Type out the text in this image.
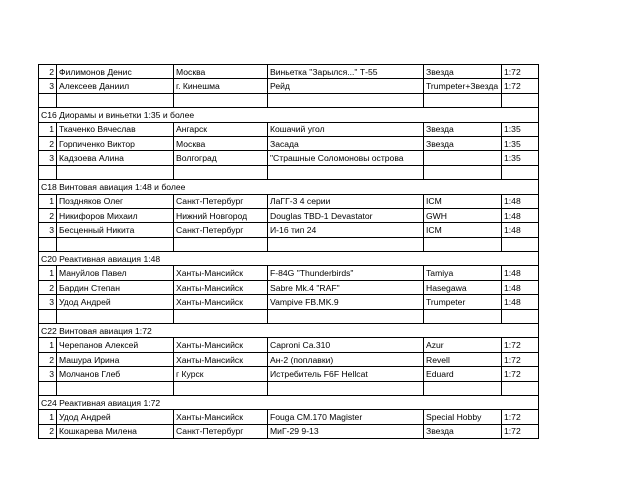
2	Филимонов Денис	Москва	Виньетка "Зарылся..." Т-55	Звезда	1:72
3	Алексеев Даниил	г. Кинешма	Рейд	Trumpeter+Звезда	1:72

С16 Диорамы и виньетки 1:35 и более					
1	Ткаченко Вячеслав	Ангарск	Кошачий угол	Звезда	1:35
2	Горпиченко Виктор	Москва	Засада	Звезда	1:35
3	Кадзоева Алина	Волгоград	"Страшные Соломоновы острова		1:35

С18 Винтовая авиация 1:48 и более					
1	Поздняков Олег	Санкт-Петербург	ЛаГГ-3 4 серии	ICM	1:48
2	Никифоров Михаил	Нижний Новгород	Douglas TBD-1 Devastator	GWH	1:48
3	Бесценный Никита	Санкт-Петербург	И-16 тип 24	ICM	1:48

С20 Реактивная авиация 1:48					
1	Мануйлов Павел	Ханты-Мансийск	F-84G "Thunderbirds"	Tamiya	1:48
2	Бардин Степан	Ханты-Мансийск	Sabre Mk.4 "RAF"	Hasegawa	1:48
3	Удод Андрей	Ханты-Мансийск	Vampive FB.MK.9	Trumpeter	1:48

С22 Винтовая авиация 1:72					
1	Черепанов Алексей	Ханты-Мансийск	Caproni Ca.310	Azur	1:72
2	Машура Ирина	Ханты-Мансийск	Ан-2 (поплавки)	Revell	1:72
3	Молчанов Глеб	г Курск	Истребитель F6F Hellcat	Eduard	1:72

С24 Реактивная авиация 1:72					
1	Удод Андрей	Ханты-Мансийск	Fouga CM.170 Magister	Special Hobby	1:72
2	Кошкарева Милена	Санкт-Петербург	МиГ-29 9-13	Звезда	1:72
